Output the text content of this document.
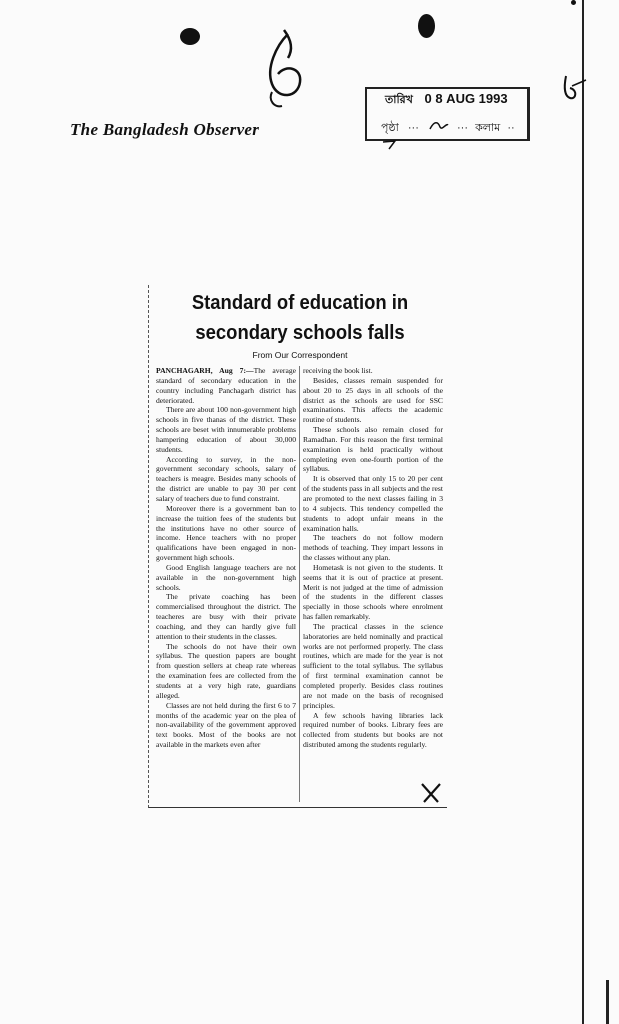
The Bangladesh Observer
তারিখ 0 8 AUG 1993
পৃষ্ঠা ···	··· কলাম ··
Standard of education in
secondary schools falls
From Our Correspondent

PANCHAGARH, Aug 7:—The average standard of secondary education in the country including Panchagarh district has deteriorated.

There are about 100 non-government high schools in five thanas of the district. These schools are beset with innumerable problems hampering education of about 30,000 students.

According to survey, in the non-government secondary schools, salary of teachers is meagre. Besides many schools of the district are unable to pay 30 per cent salary of teachers due to fund constraint.

Moreover there is a government ban to increase the tuition fees of the students but the institutions have no other source of income. Hence teachers with no proper qualifications have been engaged in non-government high schools.

Good English language teachers are not available in the non-government high schools.

The private coaching has been commercialised throughout the district. The teacheres are busy with their private coaching, and they can hardly give full attention to their students in the classes.

The schools do not have their own syllabus. The question papers are bought from question sellers at cheap rate whereas the examination fees are collected from the students at a very high rate, guardians alleged.

Classes are not held during the first 6 to 7 months of the academic year on the plea of non-availability of the government approved text books. Most of the books are not available in the markets even after

receiving the book list.

Besides, classes remain suspended for about 20 to 25 days in all schools of the district as the schools are used for SSC examinations. This affects the academic routine of students.

These schools also remain closed for Ramadhan. For this reason the first terminal examination is held practically without completing even one-fourth portion of the syllabus.

It is observed that only 15 to 20 per cent of the students pass in all subjects and the rest are promoted to the next classes failing in 3 to 4 subjects. This tendency compelled the students to adopt unfair means in the examination halls.

The teachers do not follow modern methods of teaching. They impart lessons in the classes without any plan.

Hometask is not given to the students. It seems that it is out of practice at present. Merit is not judged at the time of admission of the students in the different classes specially in those schools where enrolment has fallen remarkably.

The practical classes in the science laboratories are held nominally and practical works are not performed properly. The class routines, which are made for the year is not sufficient to the total syllabus. The syllabus of first terminal examination cannot be completed properly. Besides class routines are not made on the basis of recognised principles.

A few schools having libraries lack required number of books. Library fees are collected from students but books are not distributed among the students regularly.
